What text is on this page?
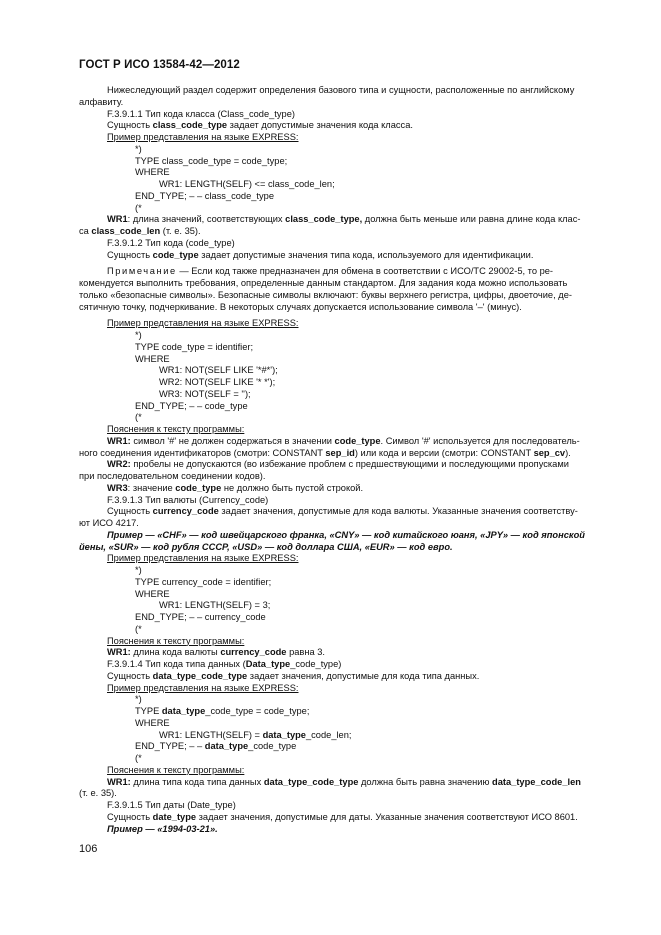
ГОСТ Р ИСО 13584-42—2012

Нижеследующий раздел содержит определения базового типа и сущности, расположенные по английскому

алфавиту.

F.3.9.1.1 Тип кода класса (Class_code_type)

Сущность class_code_type задает допустимые значения кода класса.

Пример представления на языке EXPRESS:

*)

TYPE class_code_type = code_type;

WHERE

WR1: LENGTH(SELF) <= class_code_len;

END_TYPE; – – class_code_type

(*

WR1: длина значений, соответствующих class_code_type, должна быть меньше или равна длине кода клас-

са class_code_len (т. е. 35).

F.3.9.1.2 Тип кода (code_type)

Сущность code_type задает допустимые значения типа кода, используемого для идентификации.

Примечание — Если код также предназначен для обмена в соответствии с ИСО/ТС 29002-5, то ре-

комендуется выполнить требования, определенные данным стандартом. Для задания кода можно использовать

только «безопасные символы». Безопасные символы включают: буквы верхнего регистра, цифры, двоеточие, де-

сятичную точку, подчеркивание. В некоторых случаях допускается использование символа '–' (минус).

Пример представления на языке EXPRESS:

*)

TYPE code_type = identifier;

WHERE

WR1: NOT(SELF LIKE '*#*');

WR2: NOT(SELF LIKE '* *');

WR3: NOT(SELF = '');

END_TYPE; – – code_type

(*

Пояснения к тексту программы:

WR1: символ '#' не должен содержаться в значении code_type. Символ '#' используется для последователь-

ного соединения идентификаторов (смотри: CONSTANT sep_id) или кода и версии (смотри: CONSTANT sep_cv).

WR2: пробелы не допускаются (во избежание проблем с предшествующими и последующими пропусками

при последовательном соединении кодов).

WR3: значение code_type не должно быть пустой строкой.

F.3.9.1.3 Тип валюты (Currency_code)

Сущность currency_code задает значения, допустимые для кода валюты. Указанные значения соответству-

ют ИСО 4217.

Пример — «CHF» — код швейцарского франка, «CNY» — код китайского юаня, «JPY» — код японской

йены, «SUR» — код рубля СССР, «USD» — код доллара США, «EUR» — код евро.

Пример представления на языке EXPRESS:

*)

TYPE currency_code = identifier;

WHERE

WR1: LENGTH(SELF) = 3;

END_TYPE; – – currency_code

(*

Пояснения к тексту программы:

WR1: длина кода валюты currency_code равна 3.

F.3.9.1.4 Тип кода типа данных (Data_type_code_type)

Сущность data_type_code_type задает значения, допустимые для кода типа данных.

Пример представления на языке EXPRESS:

*)

TYPE data_type_code_type = code_type;

WHERE

WR1: LENGTH(SELF) = data_type_code_len;

END_TYPE; – – data_type_code_type

(*

Пояснения к тексту программы:

WR1: длина типа кода типа данных data_type_code_type должна быть равна значению data_type_code_len

(т. е. 35).

F.3.9.1.5 Тип даты (Date_type)

Сущность date_type задает значения, допустимые для даты. Указанные значения соответствуют ИСО 8601.

Пример — «1994-03-21».

106
